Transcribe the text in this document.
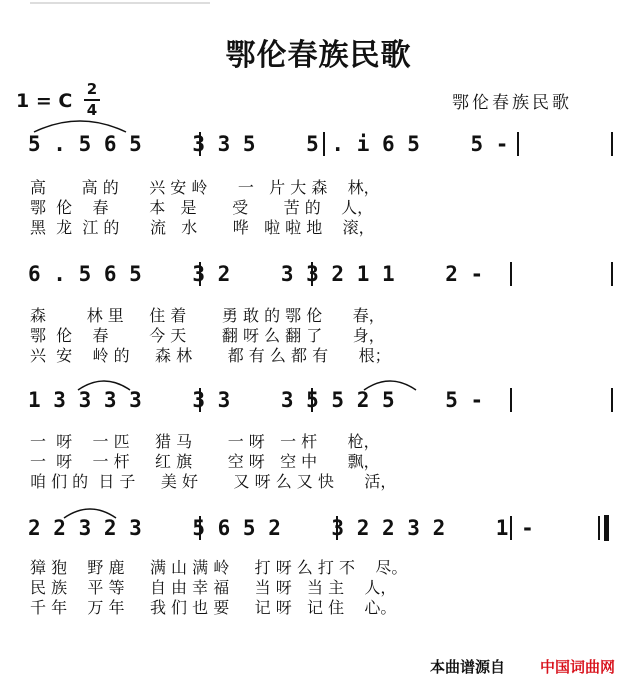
鄂伦春族民歌
1 = C
2
4	鄂伦春族民歌
5 . 5 6 5    3 3 5    5 . i 6 5    5 -
高       高 的      兴 安 岭      一   片 大 森    林，
鄂  伦    春        本   是       受       苦 的    人，
黑  龙  江 的      流   水       哗   啦 啦 地    滚，
6 . 5 6 5    3 2    3 3 2 1 1    2 -
森        林 里     住 着       勇 敢 的 鄂 伦      春，
鄂  伦    春        今 天       翻 呀 么 翻 了      身，
兴  安    岭 的     森 林       都 有 么 都 有      根；
1 3 3 3 3    3 3    3 5 5 2 5    5 -
一  呀    一 匹     猎 马       一 呀   一 杆      枪，
一  呀    一 杆     红 旗       空 呀   空 中      飘，
咱 们 的  日 子     美 好       又 呀 么 又 快      活，
2 2 3 2 3    5 6 5 2    3 2 2 3 2    1 -
獐 狍    野 鹿     满 山 满 岭     打 呀 么 打 不    尽。
民 族    平 等     自 由 幸 福     当 呀   当 主    人，
千 年    万 年     我 们 也 要     记 呀   记 住    心。
本曲谱源自 中国词曲网
